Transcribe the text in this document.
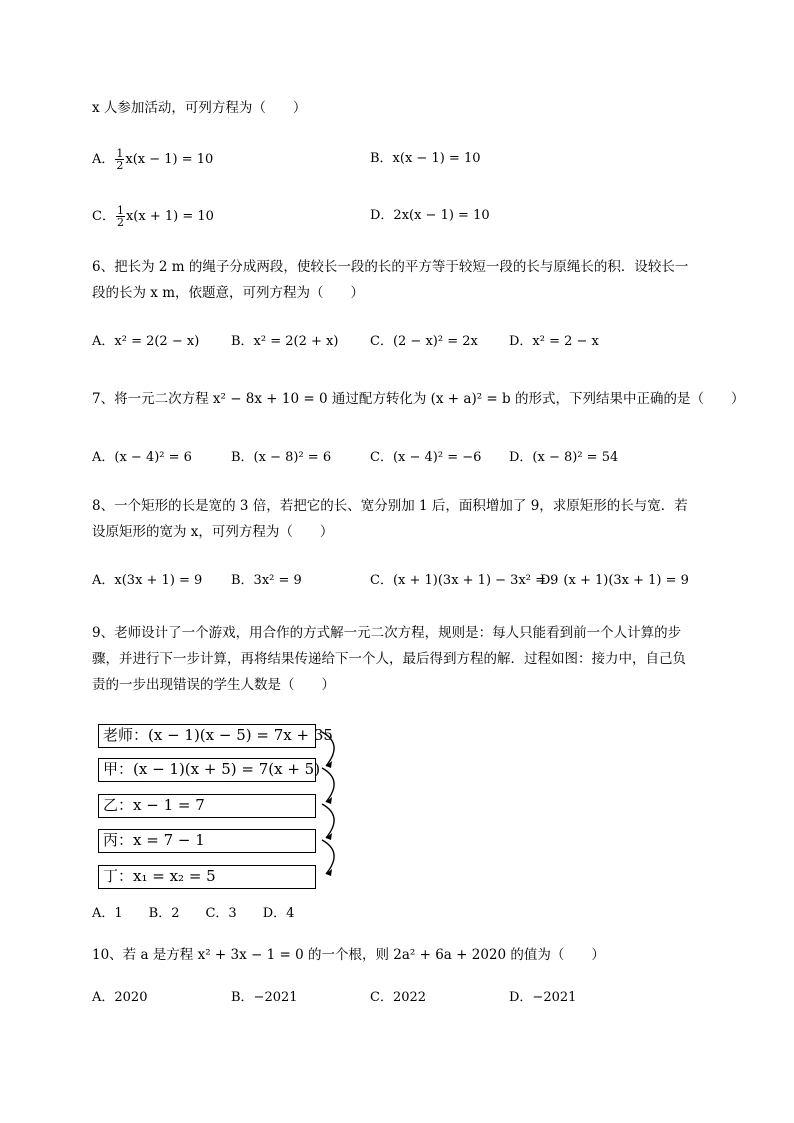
x 人参加活动，可列方程为（　　）
A． $\frac{1}{2} x(x - 1) = 10$	B．x(x − 1) = 10
C． $\frac{1}{2} x(x + 1) = 10$	D．2x(x − 1) = 10
6、把长为 2 m 的绳子分成两段，使较长一段的长的平方等于较短一段的长与原绳长的积．设较长一
段的长为 x m，依题意，可列方程为（　　）
A．x² = 2(2 − x) B．x² = 2(2 + x) C．(2 − x)² = 2x D．x² = 2 − x
7、将一元二次方程 x² − 8x + 10 = 0 通过配方转化为 (x + a)² = b 的形式，下列结果中正确的是（　　）
A．(x − 4)² = 6	B．(x − 8)² = 6	C．(x − 4)² = −6 D．(x − 8)² = 54
8、一个矩形的长是宽的 3 倍，若把它的长、宽分别加 1 后，面积增加了 9，求原矩形的长与宽．若
设原矩形的宽为 x，可列方程为（　　）
A．x(3x + 1) = 9 B．3x² = 9	C．(x + 1)(3x + 1) − 3x² = 9
D．(x + 1)(3x + 1) = 9
9、老师设计了一个游戏，用合作的方式解一元二次方程，规则是：每人只能看到前一个人计算的步
骤，并进行下一步计算，再将结果传递给下一个人，最后得到方程的解．过程如图：接力中，自己负
责的一步出现错误的学生人数是（　　）
老师：(x − 1)(x − 5) = 7x + 35
甲：(x − 1)(x + 5) = 7(x + 5)
乙：x − 1 = 7
丙：x = 7 − 1
丁：x₁ = x₂ = 5
A．1　　B．2　　C．3　　D．4
10、若 a 是方程 x² + 3x − 1 = 0 的一个根，则 2a² + 6a + 2020 的值为（　　）
A．2020	B．−2021	C．2022	D．−2021
